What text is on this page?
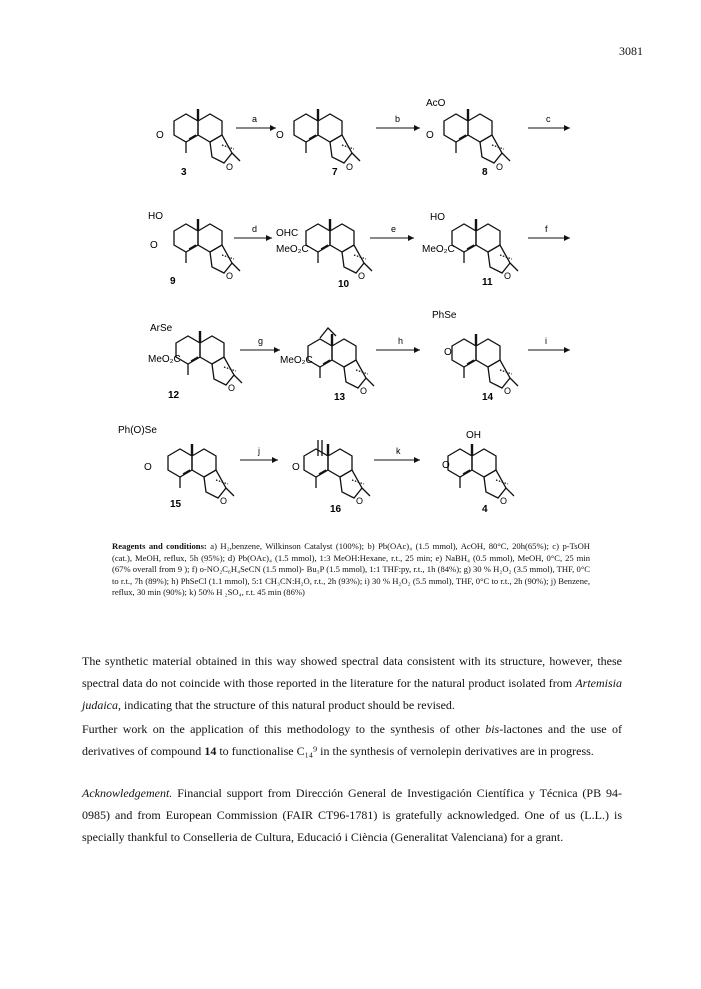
3081
O
3	O
a
O
7 O
b
AcO
O
8 O
c
HO
O
9	O
d OHC
MeO₂C
10
O
e
HO
MeO₂C
11
O
f
ArSe
MeO₂C
12
O
g
MeO₂C
13
O
h
PhSe
O
14
O
i
Ph(O)Se
O
15	O
j
O
16
O
k
OH
O
4
O
Reagents and conditions: a) H₂,benzene, Wilkinson Catalyst (100%); b) Pb(OAc)₄ (1.5 mmol), AcOH, 80°C, 20h(65%); c) p-TsOH (cat.), MeOH, reflux, 5h (95%); d) Pb(OAc)₄ (1.5 mmol), 1:3 MeOH:Hexane, r.t., 25 min; e) NaBH₄ (0.5 mmol), MeOH, 0°C, 25 min (67% overall from 9 ); f) o-NO₂C₆H₄SeCN (1.5 mmol)- Bu₃P (1.5 mmol), 1:1 THF:py, r.t., 1h (84%); g) 30 % H₂O₂ (3.5 mmol), THF, 0°C to r.t., 7h (89%); h) PhSeCl (1.1 mmol), 5:1 CH₃CN:H₂O, r.t., 2h (93%); i) 30 % H₂O₂ (5.5 mmol), THF, 0°C to r.t., 2h (90%); j) Benzene, reflux, 30 min (90%); k) 50% H ₂SO₄, r.t. 45 min (86%)

The synthetic material obtained in this way showed spectral data consistent with its structure, however, these spectral data do not coincide with those reported in the literature for the natural product isolated from Artemisia judaica, indicating that the structure of this natural product should be revised.

Further work on the application of this methodology to the synthesis of other bis-lactones and the use of derivatives of compound 14 to functionalise C₁₄⁹ in the synthesis of vernolepin derivatives are in progress.

Acknowledgement. Financial support from Dirección General de Investigación Científica y Técnica (PB 94-0985) and from European Commission (FAIR CT96-1781) is gratefully acknowledged. One of us (L.L.) is specially thankful to Conselleria de Cultura, Educació i Ciència (Generalitat Valenciana) for a grant.
